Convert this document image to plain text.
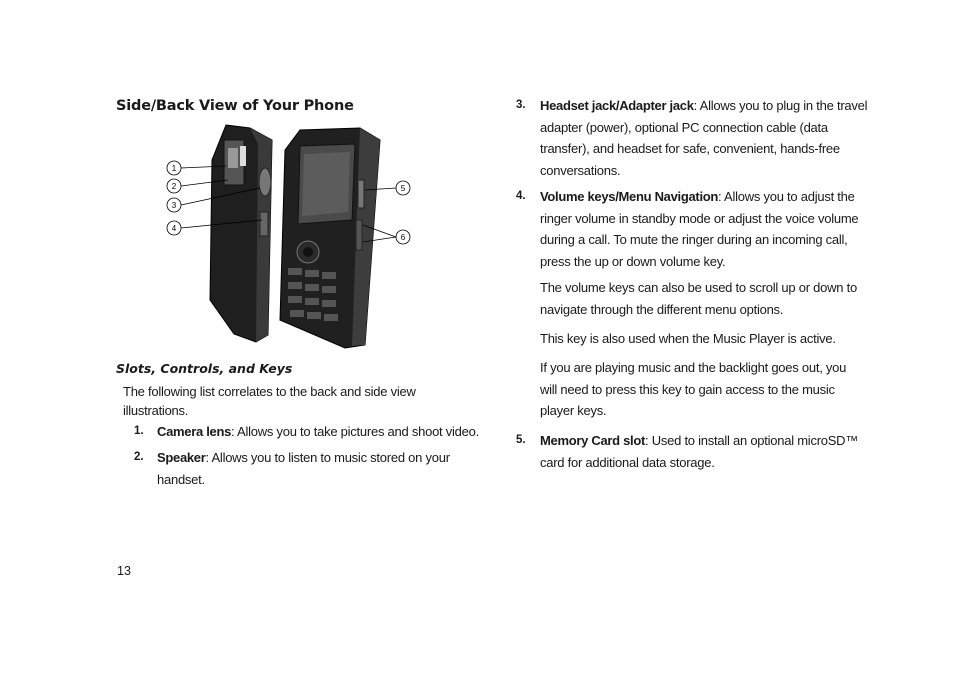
Side/Back View of Your Phone
1
2
3
4
5
6
Slots, Controls, and Keys
The following list correlates to the back and side view illustrations.
1. Camera lens: Allows you to take pictures and shoot video.
2. Speaker: Allows you to listen to music stored on your
handset.
3. Headset jack/Adapter jack: Allows you to plug in the travel
adapter (power), optional PC connection cable (data
transfer), and headset for safe, convenient, hands-free
conversations.
4. Volume keys/Menu Navigation: Allows you to adjust the
ringer volume in standby mode or adjust the voice volume
during a call. To mute the ringer during an incoming call,
press the up or down volume key.
The volume keys can also be used to scroll up or down to
navigate through the different menu options.
This key is also used when the Music Player is active.
If you are playing music and the backlight goes out, you
will need to press this key to gain access to the music
player keys.
5. Memory Card slot: Used to install an optional microSD™
card for additional data storage.
13
